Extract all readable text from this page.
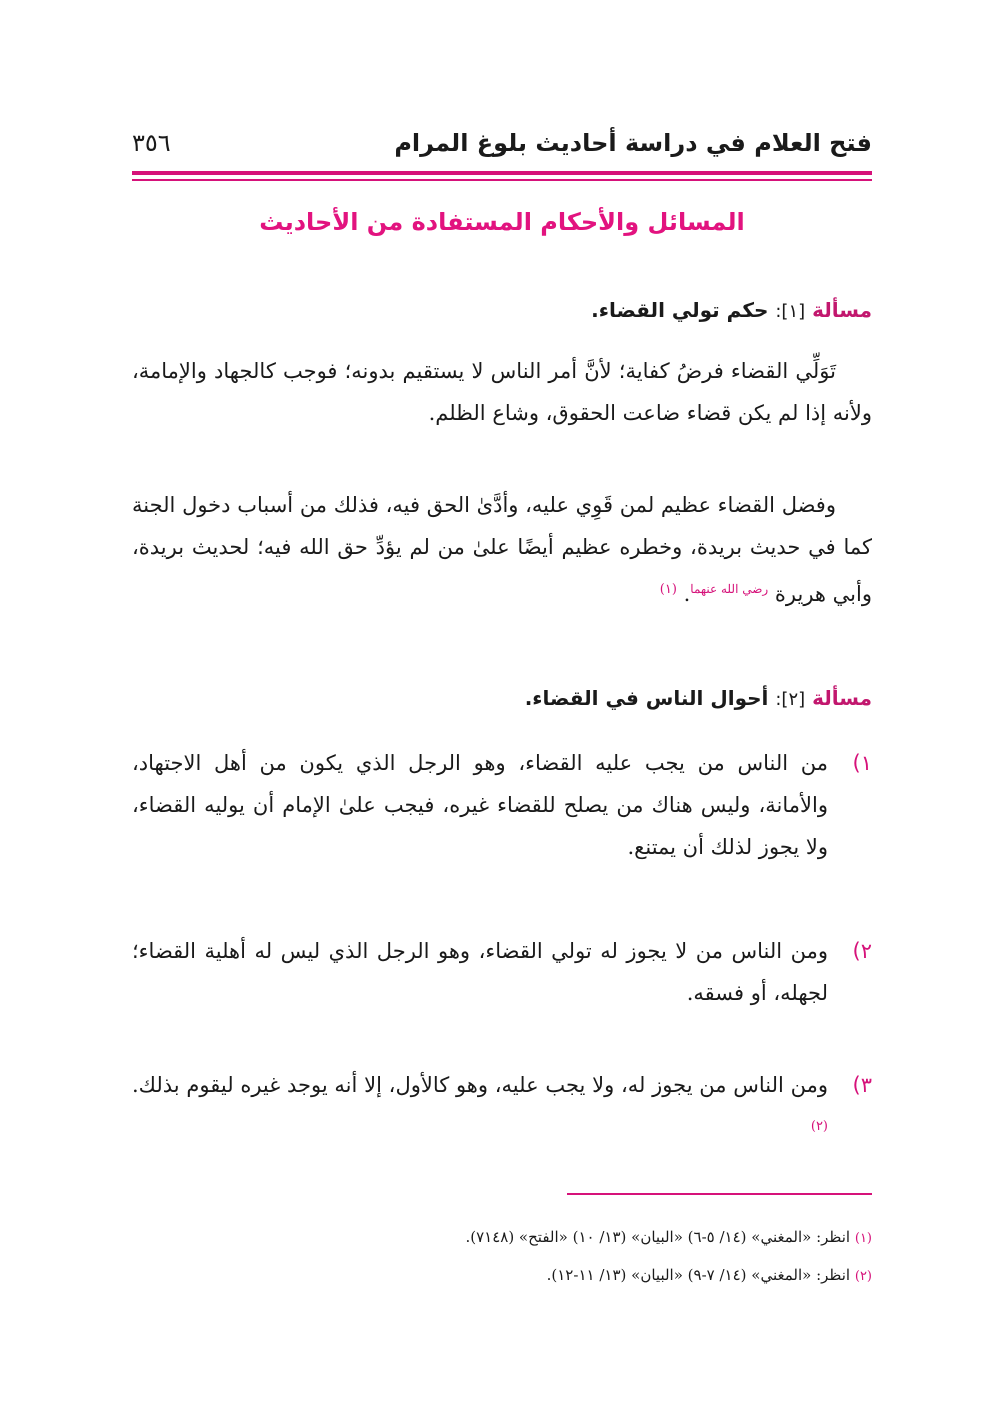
فتح العلام في دراسة أحاديث بلوغ المرام
٣٥٦
المسائل والأحكام المستفادة من الأحاديث
مسألة [١]: حكم تولي القضاء.
تَوَلِّي القضاء فرضُ كفاية؛ لأنَّ أمر الناس لا يستقيم بدونه؛ فوجب كالجهاد والإمامة، ولأنه إذا لم يكن قضاء ضاعت الحقوق، وشاع الظلم.
وفضل القضاء عظيم لمن قَوِي عليه، وأدَّىٰ الحق فيه، فذلك من أسباب دخول الجنة كما في حديث بريدة، وخطره عظيم أيضًا علىٰ من لم يؤدِّ حق الله فيه؛ لحديث بريدة، وأبي هريرة $^{رضي الله عنهما}$. $^{(١)}$
مسألة [٢]: أحوال الناس في القضاء.
١)
من الناس من يجب عليه القضاء، وهو الرجل الذي يكون من أهل الاجتهاد، والأمانة، وليس هناك من يصلح للقضاء غيره، فيجب علىٰ الإمام أن يوليه القضاء، ولا يجوز لذلك أن يمتنع.
٢)
ومن الناس من لا يجوز له تولي القضاء، وهو الرجل الذي ليس له أهلية القضاء؛ لجهله، أو فسقه.
٣)
ومن الناس من يجوز له، ولا يجب عليه، وهو كالأول، إلا أنه يوجد غيره ليقوم بذلك. $^{(٢)}$
(١) انظر: «المغني» (١٤/ ٥-٦) «البيان» (١٣/ ١٠) «الفتح» (٧١٤٨).
(٢) انظر: «المغني» (١٤/ ٧-٩) «البيان» (١٣/ ١١-١٢).
